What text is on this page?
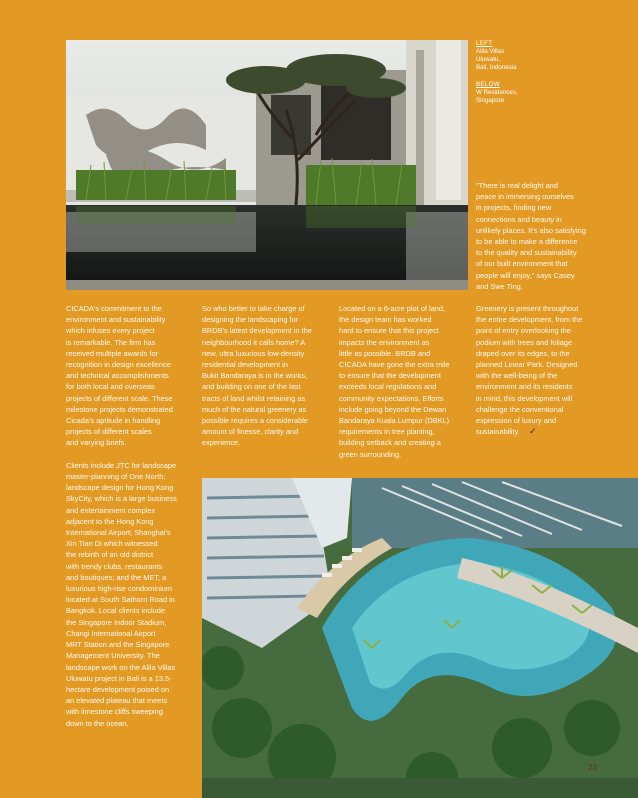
LEFT
Alila Villas
Uluwatu,
Bali, Indonesia
BELOW
W Residences,
Singapore
"There is real delight and
peace in immersing ourselves
in projects, finding new
connections and beauty in
unlikely places. It's also satisfying
to be able to make a difference
to the quality and sustainability
of our built environment that
people will enjoy," says Casey
and Swe Ting.
CICADA's commitment to the
environment and sustainability
which infuses every project
is remarkable. The firm has
received multiple awards for
recognition in design excellence
and technical accomplishments
for both local and overseas
projects of different scale. These
milestone projects demonstrated
Cicada's aptitude in handling
projects of different scales
and varying briefs.

Clients include JTC for landscape
master-planning of One North;
landscape design for Hong Kong
SkyCity, which is a large business
and entertainment complex
adjacent to the Hong Kong
International Airport; Shanghai's
Xin Tian Di which witnessed
the rebirth of an old district
with trendy clubs, restaurants
and boutiques; and the MET, a
luxurious high-rise condominium
located at South Sathorn Road in
Bangkok. Local clients include
the Singapore Indoor Stadium,
Changi International Airport
MRT Station and the Singapore
Management University. The
landscape work on the Alila Villas
Uluwatu project in Bali is a 13.5-
hectare development poised on
an elevated plateau that meets
with limestone cliffs sweeping
down to the ocean.
So who better to take charge of
designing the landscaping for
BRDB's latest development in the
neighbourhood it calls home? A
new, ultra luxurious low-density
residential development in
Bukit Bandaraya is in the works,
and building on one of the last
tracts of land whilst retaining as
much of the natural greenery as
possible requires a considerable
amount of finesse, clarity and
experience.
Located on a 6-acre plot of land,
the design team has worked
hard to ensure that this project
impacts the environment as
little as possible. BRDB and
CICADA have gone the extra mile
to ensure that the development
exceeds local regulations and
community expectations. Efforts
include going beyond the Dewan
Bandaraya Kuala Lumpur (DBKL)
requirements in tree planting,
building setback and creating a
green surrounding.
Greenery is present throughout
the entire development, from the
point of entry overlooking the
podium with trees and foliage
draped over its edges, to the
planned Linear Park. Designed
with the well-being of the
environment and its residents
in mind, this development will
challenge the conventional
expression of luxury and
sustainability.	✓
23
